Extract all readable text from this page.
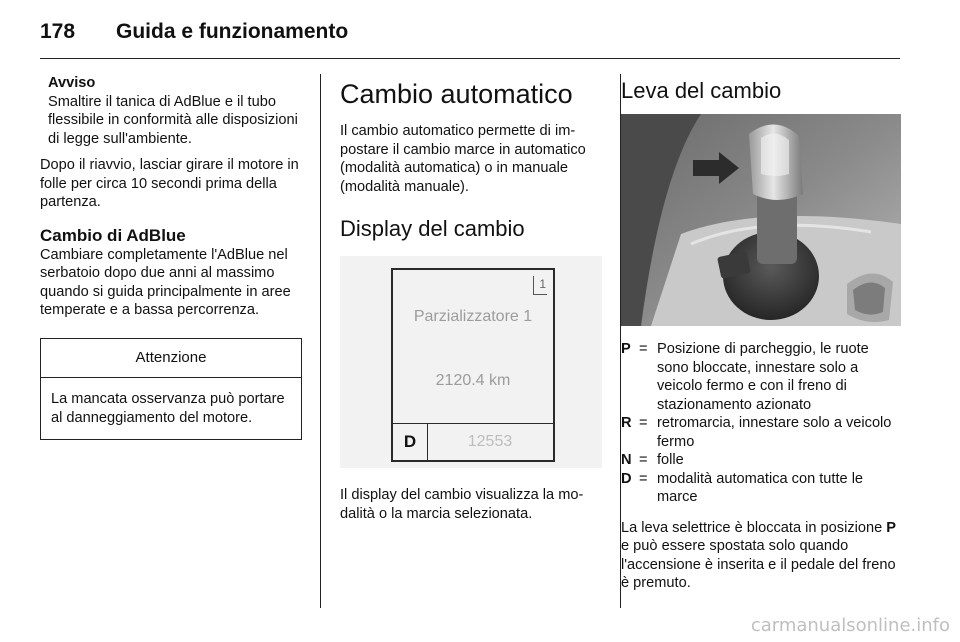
178 Guida e funzionamento
Avviso
Smaltire il tanica di AdBlue e il tubo flessibile in conformità alle disposizioni di legge sull'ambiente.

Dopo il riavvio, lasciar girare il motore in folle per circa 10 secondi prima della partenza.

Cambio di AdBlue

Cambiare completamente l'AdBlue nel serbatoio dopo due anni al massimo quando si guida principalmente in aree temperate e a bassa percorrenza.

Attenzione
La mancata osservanza può portare al danneggiamento del motore.
Cambio automatico

Il cambio automatico permette di impostare il cambio marce in automatico (modalità automatica) o in manuale (modalità manuale).

Display del cambio
1
Parzializzatore 1
2120.4 km
D	12553

Il display del cambio visualizza la modalità o la marcia selezionata.

Leva del cambio
P = Posizione di parcheggio, le ruote sono bloccate, innestare solo a veicolo fermo e con il freno di stazionamento azionato
R = retromarcia, innestare solo a veicolo fermo
N = folle
D = modalità automatica con tutte le marce

La leva selettrice è bloccata in posizione P e può essere spostata solo quando l'accensione è inserita e il pedale del freno è premuto.

carmanualsonline.info
